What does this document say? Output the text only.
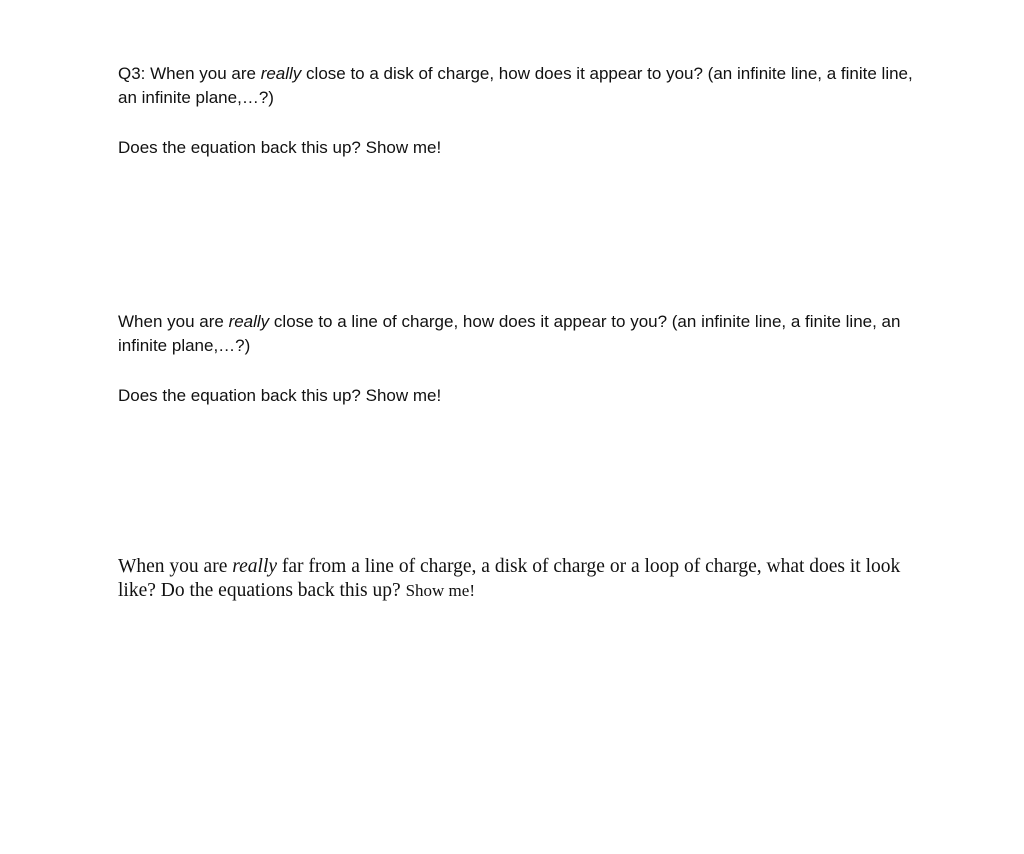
Q3: When you are really close to a disk of charge, how does it appear to you? (an infinite line, a finite line, an infinite plane,…?)

Does the equation back this up? Show me!

When you are really close to a line of charge, how does it appear to you? (an infinite line, a finite line, an infinite plane,…?)

Does the equation back this up? Show me!

When you are really far from a line of charge, a disk of charge or a loop of charge, what does it look like? Do the equations back this up? Show me!
